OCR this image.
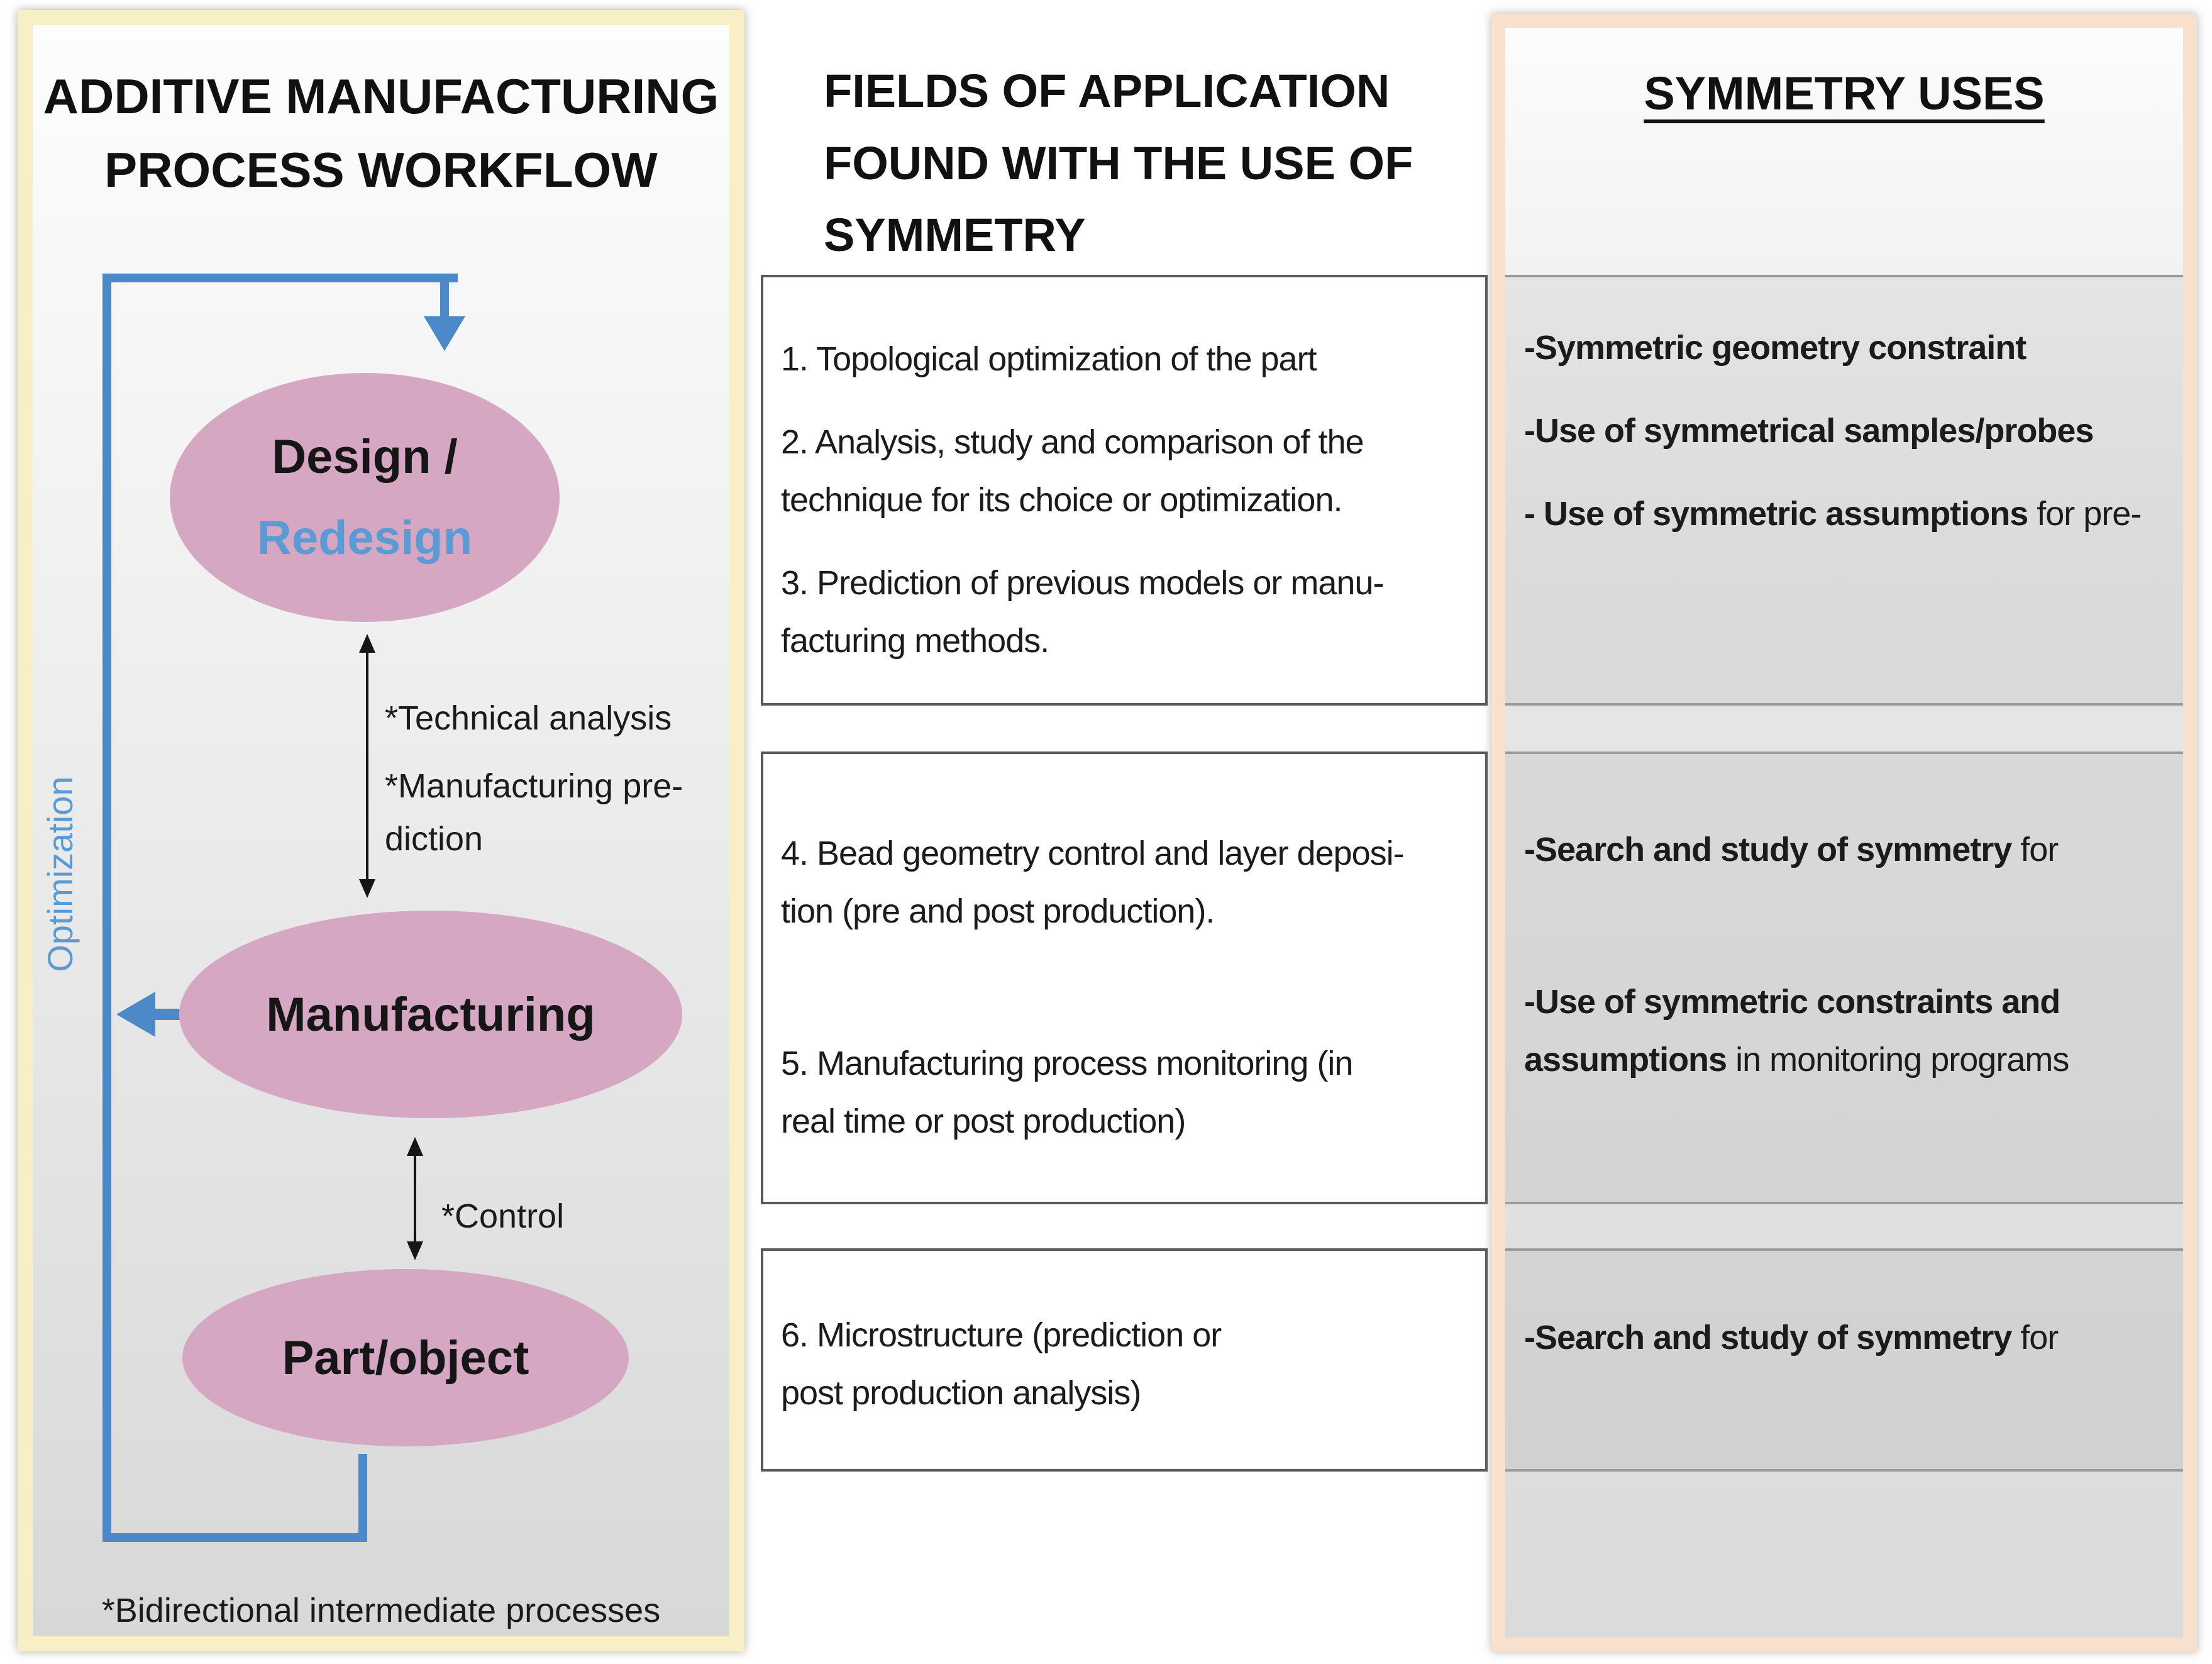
ADDITIVE MANUFACTURING
PROCESS WORKFLOW
Optimization
*Technical analysis
*Manufacturing pre-
diction
*Control
Design /
Redesign
Manufacturing
Part/object
*Bidirectional intermediate processes
FIELDS OF APPLICATION
FOUND WITH THE USE OF
SYMMETRY
1. Topological optimization of the part
2. Analysis, study and comparison of the
technique for its choice or optimization.
3. Prediction of previous models or manu-
facturing methods.
4. Bead geometry control and layer deposi-
tion (pre and post production).
5. Manufacturing process monitoring (in
real time or post production)
6. Microstructure (prediction or
post production analysis)
SYMMETRY USES
-Symmetric geometry constraint
-Use of symmetrical samples/probes
- Use of symmetric assumptions for pre-
-Search and study of symmetry for
-Use of symmetric constraints and
assumptions in monitoring programs
-Search and study of symmetry for
